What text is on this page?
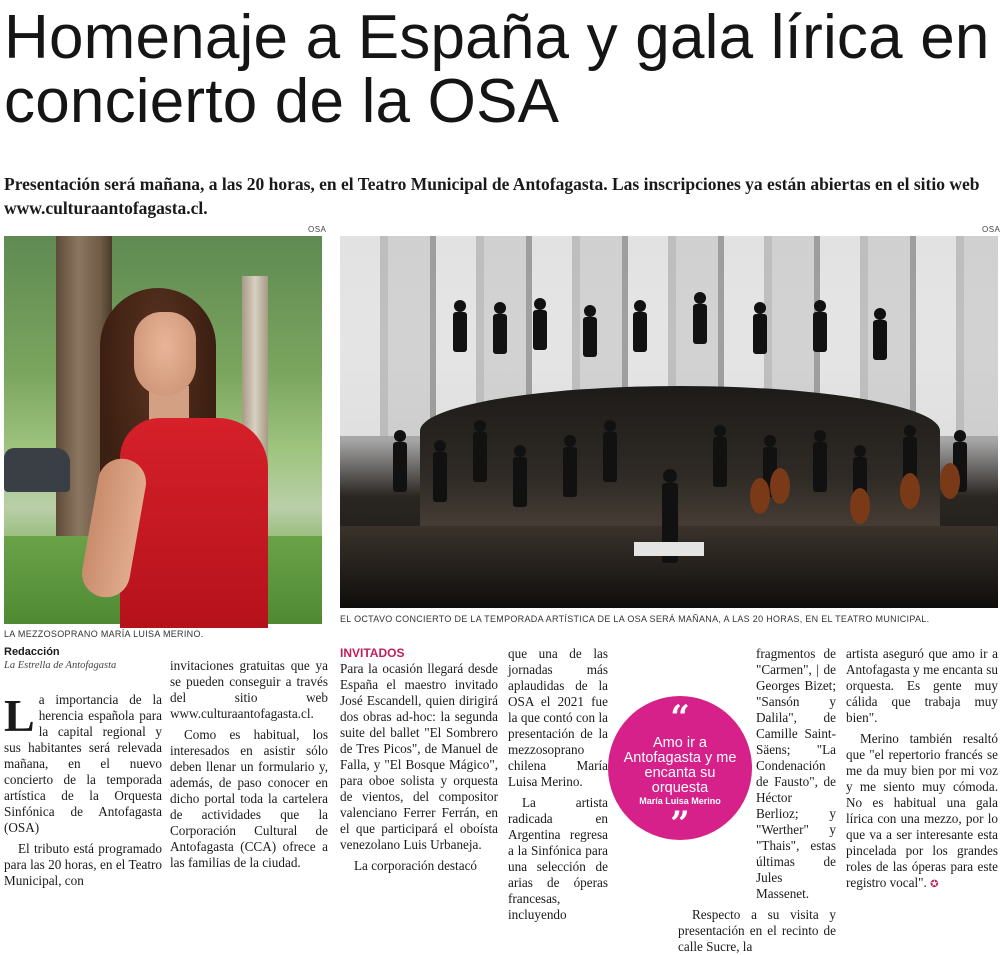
Homenaje a España y gala lírica en concierto de la OSA

Presentación será mañana, a las 20 horas, en el Teatro Municipal de Antofagasta. Las inscripciones ya están abiertas en el sitio web www.culturaantofagasta.cl.

OSA	OSA
LA MEZZOSOPRANO MARÍA LUISA MERINO.
EL OCTAVO CONCIERTO DE LA TEMPORADA ARTÍSTICA DE LA OSA SERÁ MAÑANA, A LAS 20 HORAS, EN EL TEATRO MUNICIPAL.
Redacción
La Estrella de Antofagasta

La importancia de la herencia española para la capital regional y sus habitantes será relevada mañana, en el nuevo concierto de la temporada artística de la Orquesta Sinfónica de Antofagasta (OSA)

El tributo está programado para las 20 horas, en el Teatro Municipal, con

invitaciones gratuitas que ya se pueden conseguir a través del sitio web www.culturaantofagasta.cl.

Como es habitual, los interesados en asistir sólo deben llenar un formulario y, además, de paso conocer en dicho portal toda la cartelera de actividades que la Corporación Cultural de Antofagasta (CCA) ofrece a las familias de la ciudad.

INVITADOS

Para la ocasión llegará desde España el maestro invitado José Escandell, quien dirigirá dos obras ad-hoc: la segunda suite del ballet "El Sombrero de Tres Picos", de Manuel de Falla, y "El Bosque Mágico", para oboe solista y orquesta de vientos, del compositor valenciano Ferrer Ferrán, en el que participará el oboísta venezolano Luis Urbaneja.

La corporación destacó

que una de las jornadas más aplaudidas de la OSA el 2021 fue la que contó con la presentación de la mezzosoprano chilena María Luisa Merino.

La artista radicada en Argentina regresa a la Sinfónica para una selección de arias de óperas francesas, incluyendo

fragmentos de "Carmen", | de Georges Bizet; "Sansón y Dalila", de Camille Saint-Säens; "La Condenación de Fausto", de Héctor Berlioz; y "Werther" y "Thais", estas últimas de Jules Massenet.

Respecto a su visita y presentación en el recinto de calle Sucre, la

artista aseguró que amo ir a Antofagasta y me encanta su orquesta. Es gente muy cálida que trabaja muy bien".

Merino también resaltó que "el repertorio francés se me da muy bien por mi voz y me siento muy cómoda. No es habitual una gala lírica con una mezzo, por lo que va a ser interesante esta pincelada por los grandes roles de las óperas para este registro vocal". ✪

“
Amo ir a Antofagasta y me encanta su orquesta
María Luisa Merino
”
